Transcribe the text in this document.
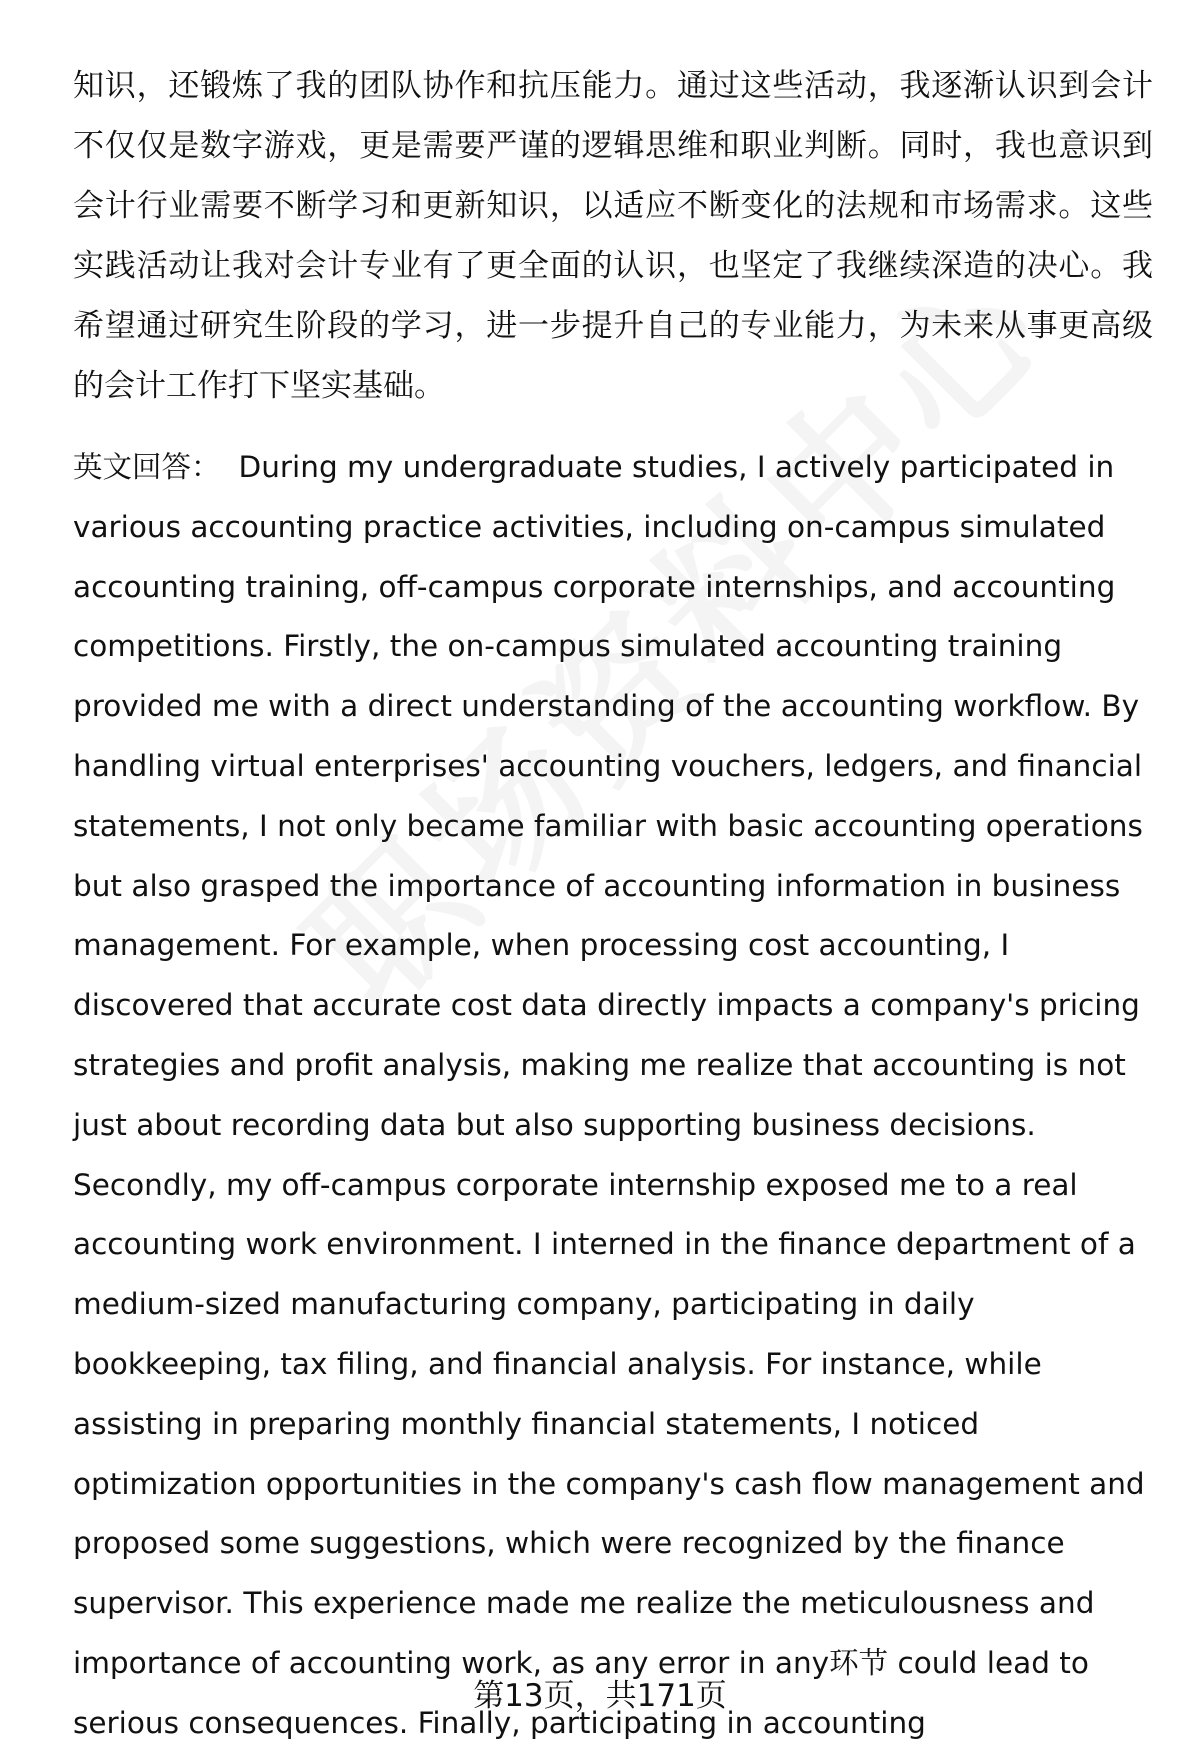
知识，还锻炼了我的团队协作和抗压能力。通过这些活动，我逐渐认识到会计不仅仅是数字游戏，更是需要严谨的逻辑思维和职业判断。同时，我也意识到会计行业需要不断学习和更新知识，以适应不断变化的法规和市场需求。这些实践活动让我对会计专业有了更全面的认识，也坚定了我继续深造的决心。我希望通过研究生阶段的学习，进一步提升自己的专业能力，为未来从事更高级的会计工作打下坚实基础。

英文回答： During my undergraduate studies, I actively participated in various accounting practice activities, including on-campus simulated accounting training, off-campus corporate internships, and accounting competitions. Firstly, the on-campus simulated accounting training provided me with a direct understanding of the accounting workflow. By handling virtual enterprises' accounting vouchers, ledgers, and financial statements, I not only became familiar with basic accounting operations but also grasped the importance of accounting information in business management. For example, when processing cost accounting, I discovered that accurate cost data directly impacts a company's pricing strategies and profit analysis, making me realize that accounting is not just about recording data but also supporting business decisions. Secondly, my off-campus corporate internship exposed me to a real accounting work environment. I interned in the finance department of a medium-sized manufacturing company, participating in daily bookkeeping, tax filing, and financial analysis. For instance, while assisting in preparing monthly financial statements, I noticed optimization opportunities in the company's cash flow management and proposed some suggestions, which were recognized by the finance supervisor. This experience made me realize the meticulousness and importance of accounting work, as any error in any环节 could lead to serious consequences. Finally, participating in accounting

第13页，共171页
